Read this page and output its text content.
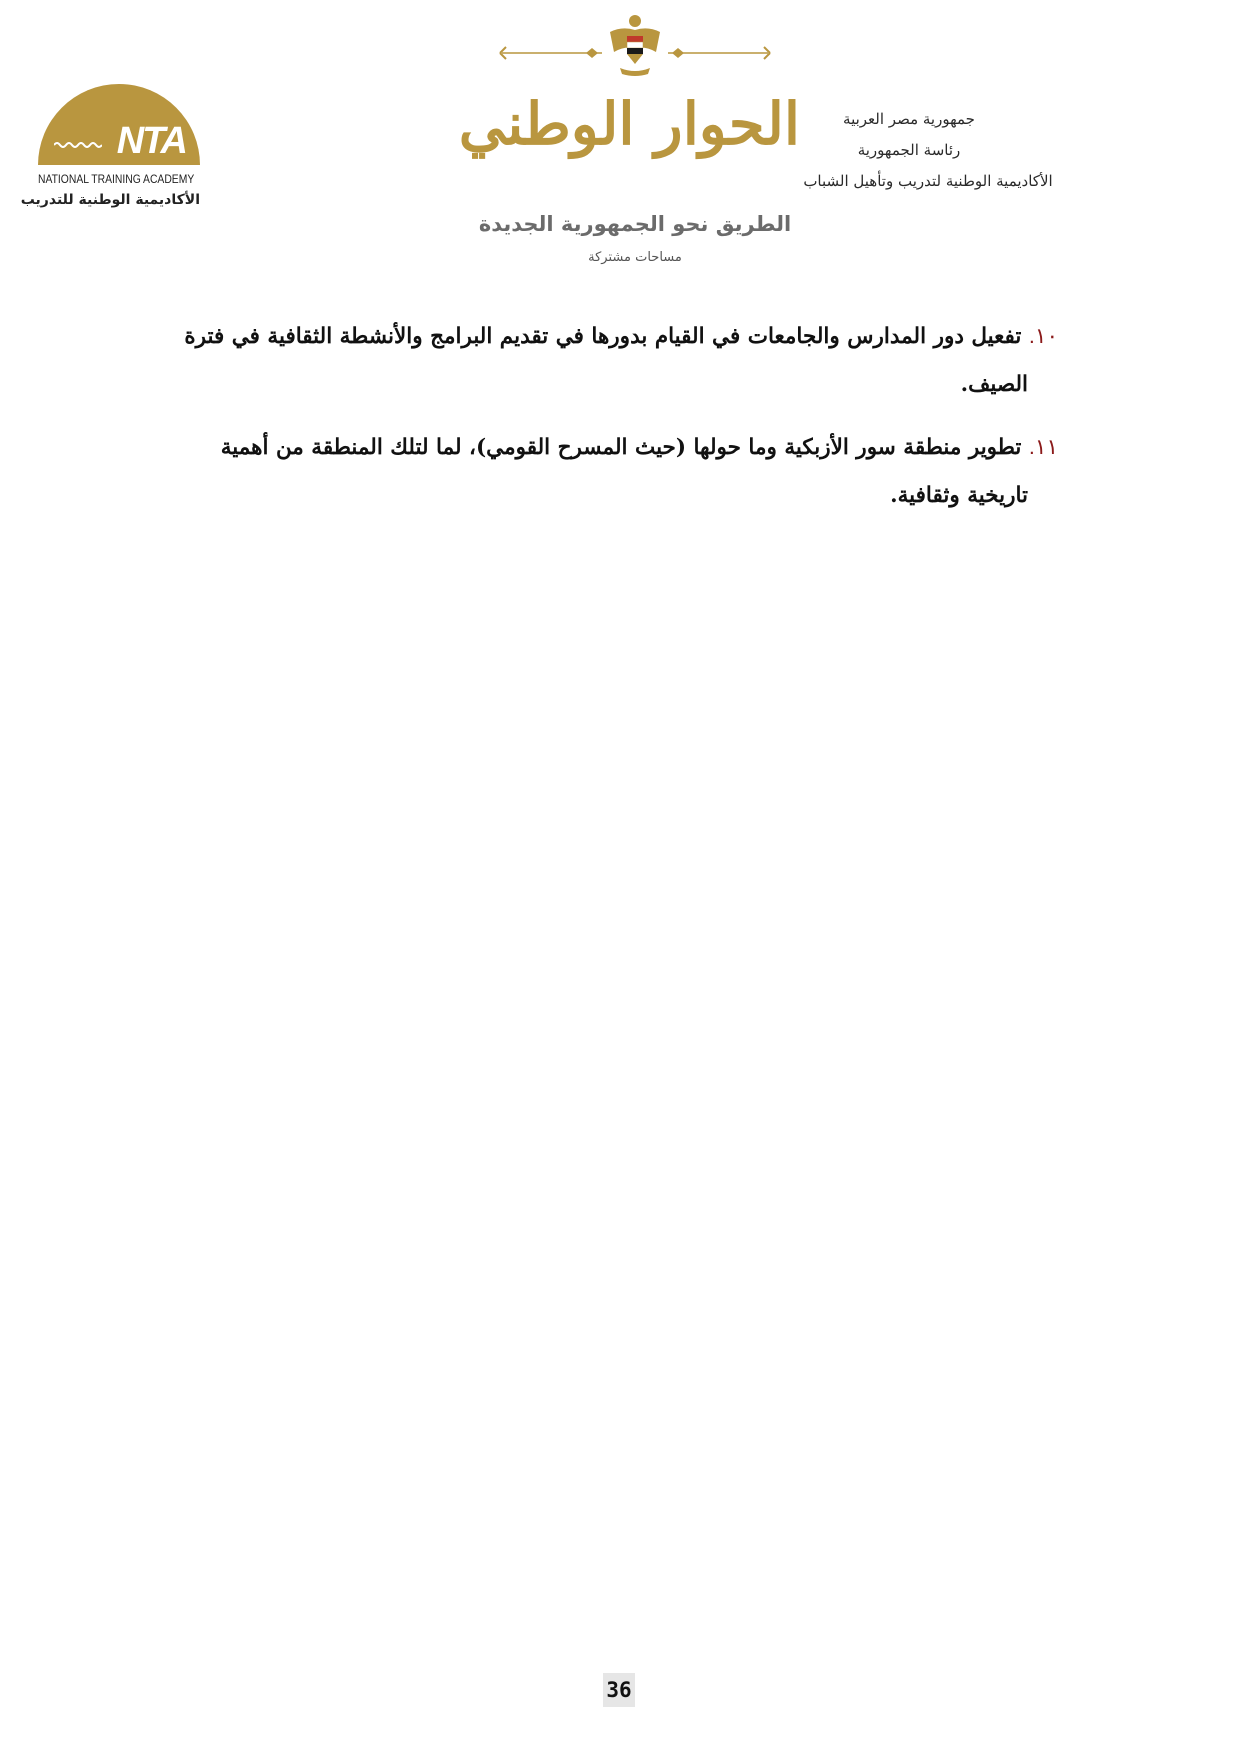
جمهورية مصر العربية
رئاسة الجمهورية
الأكاديمية الوطنية لتدريب وتأهيل الشباب
NTA
NATIONAL TRAINING ACADEMY
الأكاديمية الوطنية للتدريب
الحوار الوطني
الطريق نحو الجمهورية الجديدة
مساحات مشتركة
١٠. تفعيل دور المدارس والجامعات في القيام بدورها في تقديم البرامج والأنشطة الثقافية في فترة
الصيف.
١١. تطوير منطقة سور الأزبكية وما حولها (حيث المسرح القومي)، لما لتلك المنطقة من أهمية
تاريخية وثقافية.
36
